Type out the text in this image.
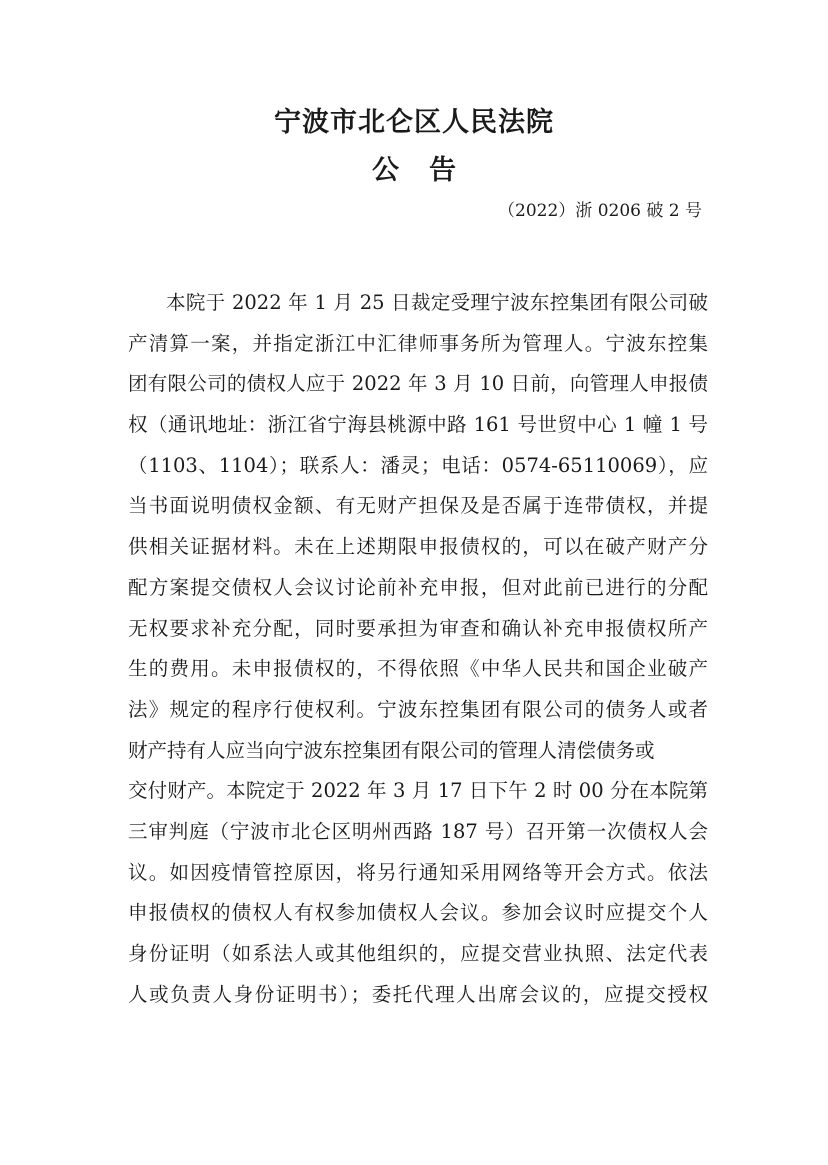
宁波市北仑区人民法院
公告

（2022）浙 0206 破 2 号

本院于 2022 年 1 月 25 日裁定受理宁波东控集团有限公司破
产清算一案，并指定浙江中汇律师事务所为管理人。宁波东控集
团有限公司的债权人应于 2022 年 3 月 10 日前，向管理人申报债
权（通讯地址：浙江省宁海县桃源中路 161 号世贸中心 1 幢 1 号
（1103、1104）；联系人：潘灵；电话：0574-65110069），应
当书面说明债权金额、有无财产担保及是否属于连带债权，并提
供相关证据材料。未在上述期限申报债权的，可以在破产财产分
配方案提交债权人会议讨论前补充申报，但对此前已进行的分配
无权要求补充分配，同时要承担为审查和确认补充申报债权所产
生的费用。未申报债权的，不得依照《中华人民共和国企业破产
法》规定的程序行使权利。宁波东控集团有限公司的债务人或者
财产持有人应当向宁波东控集团有限公司的管理人清偿债务或
交付财产。本院定于 2022 年 3 月 17 日下午 2 时 00 分在本院第
三审判庭（宁波市北仑区明州西路 187 号）召开第一次债权人会
议。如因疫情管控原因，将另行通知采用网络等开会方式。依法
申报债权的债权人有权参加债权人会议。参加会议时应提交个人
身份证明（如系法人或其他组织的，应提交营业执照、法定代表
人或负责人身份证明书）；委托代理人出席会议的，应提交授权
